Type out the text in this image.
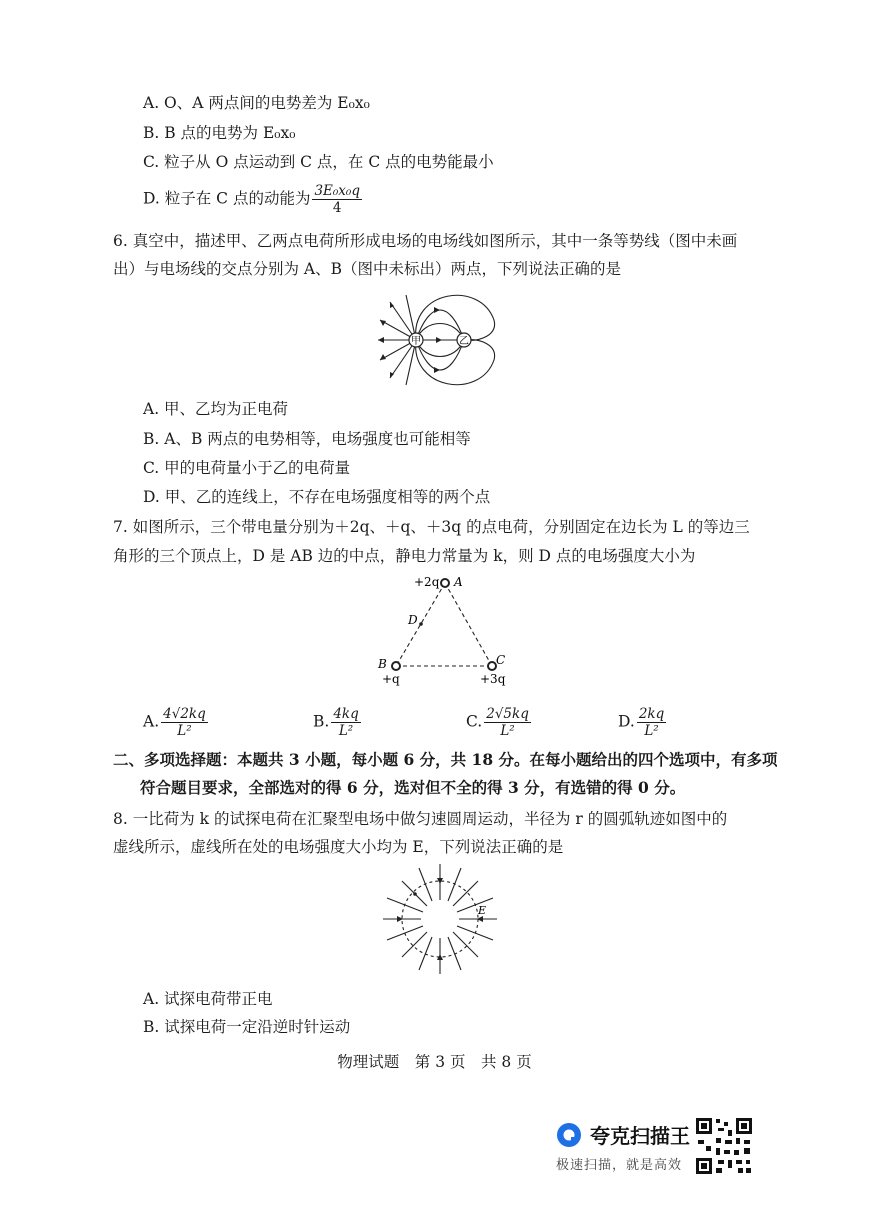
A. O、A 两点间的电势差为 E₀x₀
B. B 点的电势为 E₀x₀
C. 粒子从 O 点运动到 C 点，在 C 点的电势能最小
D. 粒子在 C 点的动能为 $\frac{\text{3E₀x₀q}}{4}$
6. 真空中，描述甲、乙两点电荷所形成电场的电场线如图所示，其中一条等势线（图中未画
出）与电场线的交点分别为 A、B（图中未标出）两点，下列说法正确的是
甲	乙
A. 甲、乙均为正电荷
B. A、B 两点的电势相等，电场强度也可能相等
C. 甲的电荷量小于乙的电荷量
D. 甲、乙的连线上，不存在电场强度相等的两个点
7. 如图所示，三个带电量分别为＋2q、＋q、＋3q 的点电荷，分别固定在边长为 L 的等边三
角形的三个顶点上，D 是 AB 边的中点，静电力常量为 k，则 D 点的电场强度大小为
A
+2q
B
+q
C
+3q
D
A. $\frac{4√2kq}{\text{L²}}$	B. $\frac{4kq}{\text{L²}}$	C. $\frac{2√5kq}{\text{L²}}$	D. $\frac{2kq}{\text{L²}}$
二、多项选择题：本题共 3 小题，每小题 6 分，共 18 分。在每小题给出的四个选项中，有多项
符合题目要求，全部选对的得 6 分，选对但不全的得 3 分，有选错的得 0 分。
8. 一比荷为 k 的试探电荷在汇聚型电场中做匀速圆周运动，半径为 r 的圆弧轨迹如图中的
虚线所示，虚线所在处的电场强度大小均为 E，下列说法正确的是
E
A. 试探电荷带正电
B. 试探电荷一定沿逆时针运动
物理试题　第 3 页　共 8 页
夸克扫描王
极速扫描，就是高效
